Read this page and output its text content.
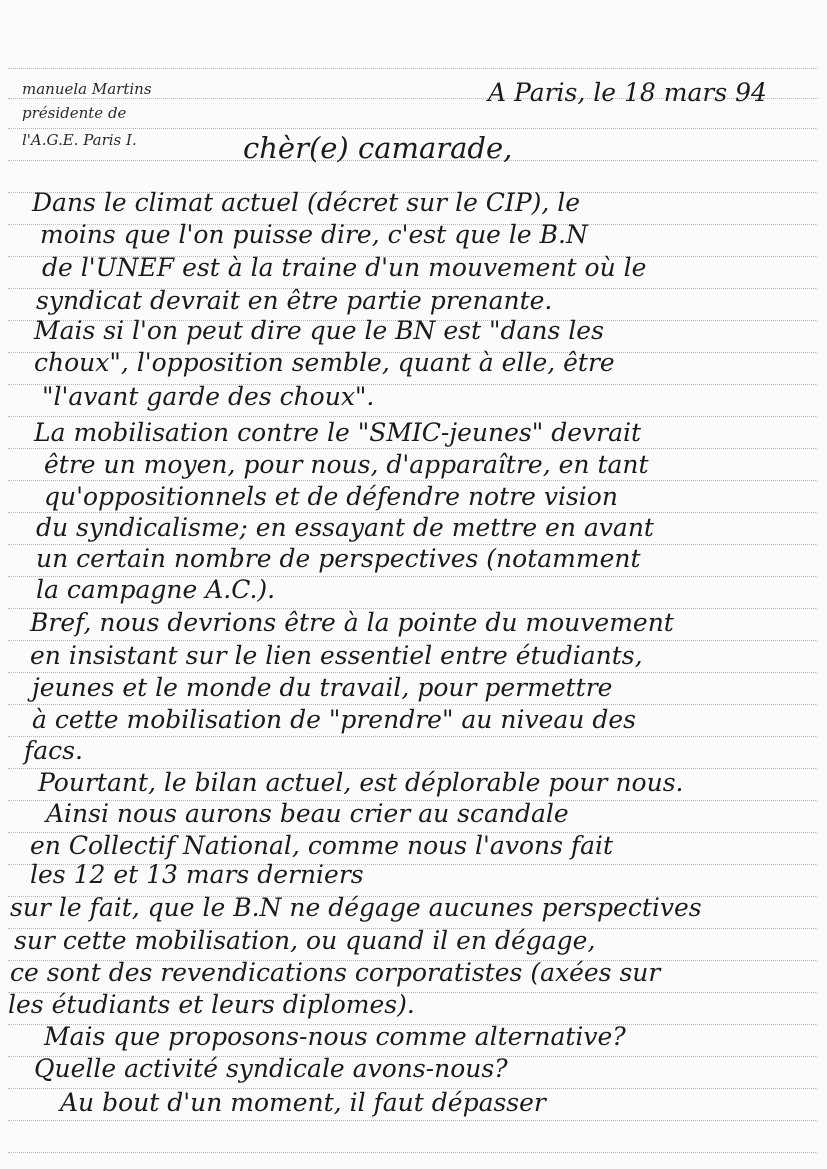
manuela Martins
présidente de
l'A.G.E. Paris I.
A Paris, le 18 mars 94
chèr(e) camarade,
Dans le climat actuel (décret sur le CIP), le
moins que l'on puisse dire, c'est que le B.N
de l'UNEF est à la traine d'un mouvement où le
syndicat devrait en être partie prenante.
Mais si l'on peut dire que le BN est "dans les
choux", l'opposition semble, quant à elle, être
"l'avant garde des choux".
La mobilisation contre le "SMIC-jeunes" devrait
être un moyen, pour nous, d'apparaître, en tant
qu'oppositionnels et de défendre notre vision
du syndicalisme; en essayant de mettre en avant
un certain nombre de perspectives (notamment
la campagne A.C.).
Bref, nous devrions être à la pointe du mouvement
en insistant sur le lien essentiel entre étudiants,
jeunes et le monde du travail, pour permettre
à cette mobilisation de "prendre" au niveau des
facs.
Pourtant, le bilan actuel, est déplorable pour nous.
Ainsi nous aurons beau crier au scandale
en Collectif National, comme nous l'avons fait
les 12 et 13 mars derniers
sur le fait, que le B.N ne dégage aucunes perspectives
sur cette mobilisation, ou quand il en dégage,
ce sont des revendications corporatistes (axées sur
les étudiants et leurs diplomes).
Mais que proposons-nous comme alternative?
Quelle activité syndicale avons-nous?
Au bout d'un moment, il faut dépasser
